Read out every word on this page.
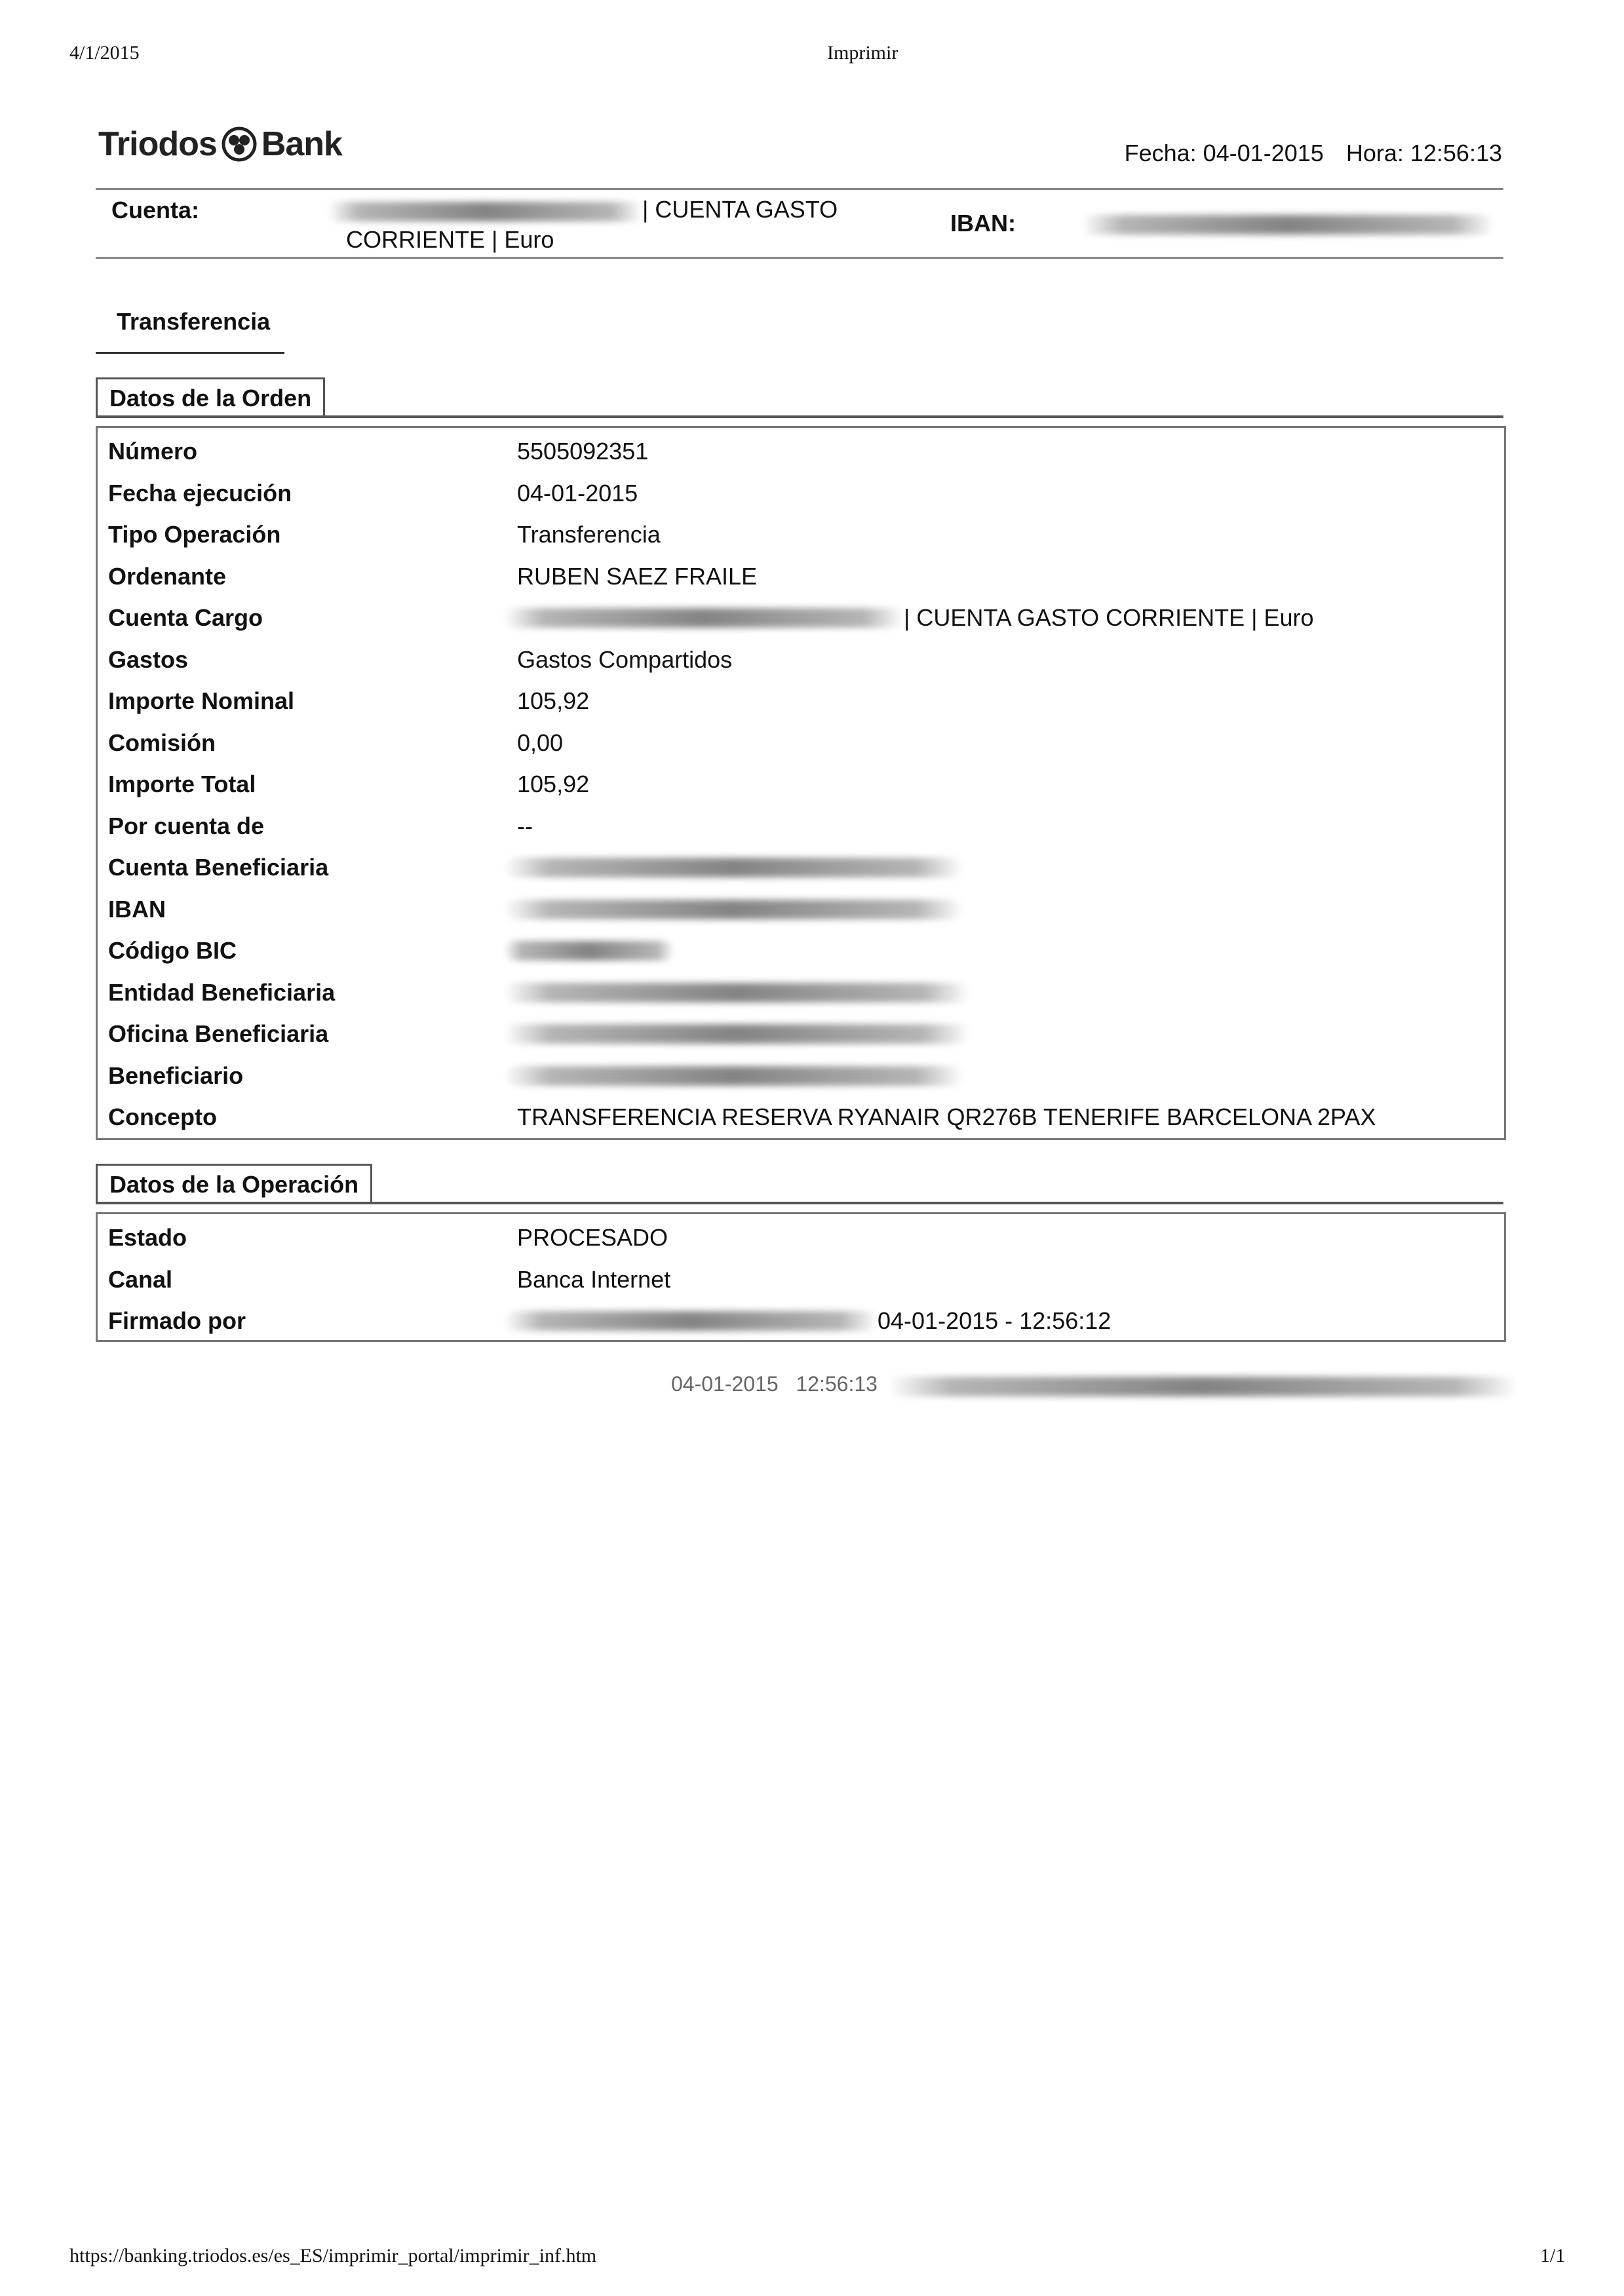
4/1/2015	Imprimir
Triodos Bank	Fecha: 04-01-2015 Hora: 12:56:13
Cuenta:	| CUENTA GASTO
CORRIENTE | Euro
IBAN:
Transferencia
Datos de la Orden
Número	5505092351
Fecha ejecución	04-01-2015
Tipo Operación	Transferencia
Ordenante	RUBEN SAEZ FRAILE
Cuenta Cargo	| CUENTA GASTO CORRIENTE | Euro
Gastos	Gastos Compartidos
Importe Nominal	105,92
Comisión	0,00
Importe Total	105,92
Por cuenta de	--
Cuenta Beneficiaria
IBAN
Código BIC
Entidad Beneficiaria
Oficina Beneficiaria
Beneficiario
Concepto	TRANSFERENCIA RESERVA RYANAIR QR276B TENERIFE BARCELONA 2PAX
Datos de la Operación
Estado	PROCESADO
Canal	Banca Internet
Firmado por	04-01-2015 - 12:56:12
04-01-2015 12:56:13
https://banking.triodos.es/es_ES/imprimir_portal/imprimir_inf.htm	1/1
